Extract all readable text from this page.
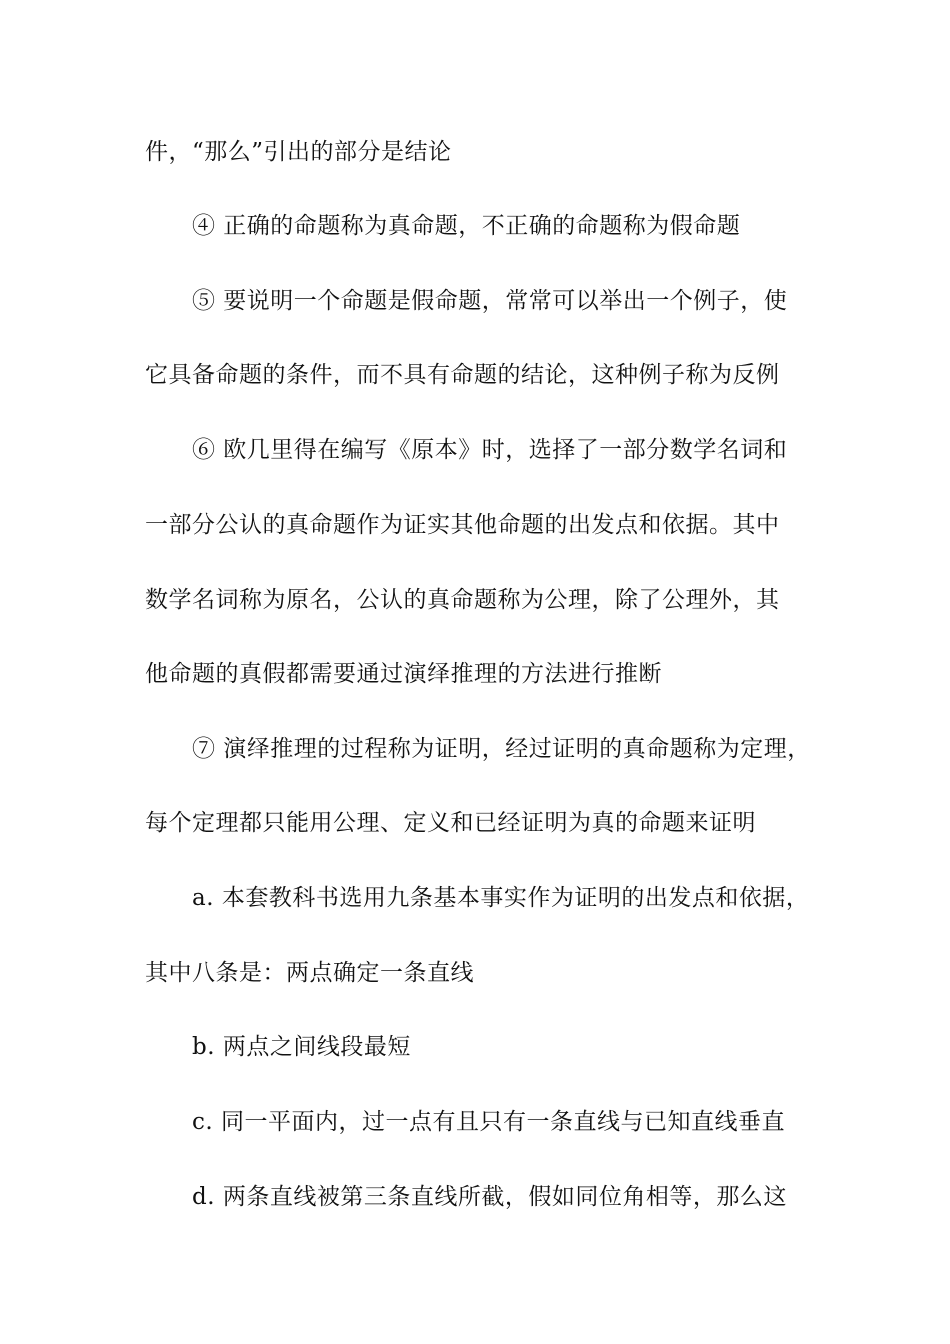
件，“那么”引出的部分是结论
④ 正确的命题称为真命题，不正确的命题称为假命题
⑤ 要说明一个命题是假命题，常常可以举出一个例子，使
它具备命题的条件，而不具有命题的结论，这种例子称为反例
⑥ 欧几里得在编写《原本》时，选择了一部分数学名词和
一部分公认的真命题作为证实其他命题的出发点和依据。其中
数学名词称为原名，公认的真命题称为公理，除了公理外，其
他命题的真假都需要通过演绎推理的方法进行推断
⑦ 演绎推理的过程称为证明，经过证明的真命题称为定理，
每个定理都只能用公理、定义和已经证明为真的命题来证明
a. 本套教科书选用九条基本事实作为证明的出发点和依据，
其中八条是：两点确定一条直线
b. 两点之间线段最短
c. 同一平面内，过一点有且只有一条直线与已知直线垂直
d. 两条直线被第三条直线所截，假如同位角相等，那么这
